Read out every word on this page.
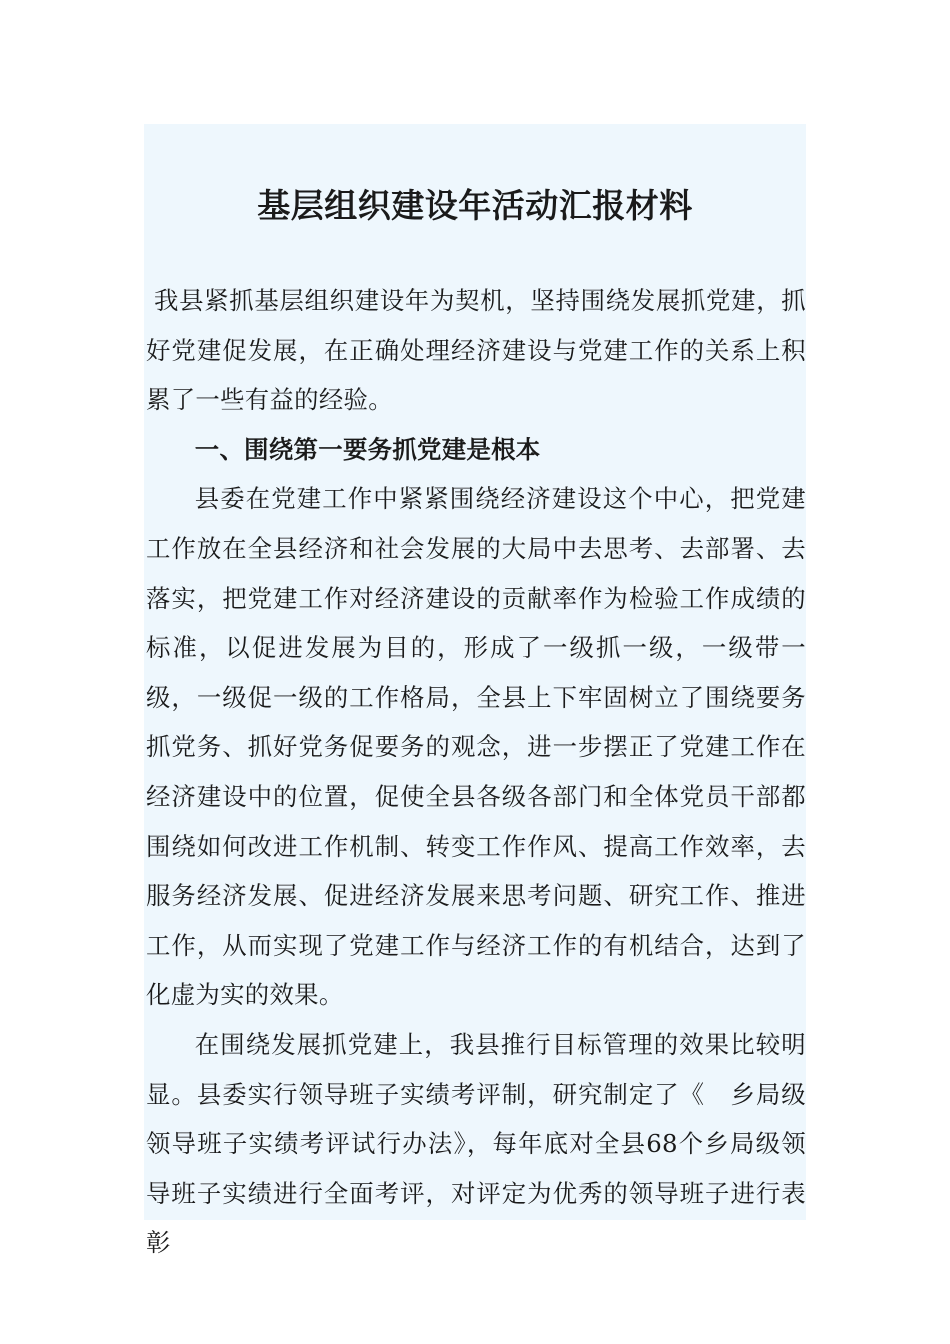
基层组织建设年活动汇报材料

我县紧抓基层组织建设年为契机，坚持围绕发展抓党建，抓好党建促发展，在正确处理经济建设与党建工作的关系上积累了一些有益的经验。

一、围绕第一要务抓党建是根本

县委在党建工作中紧紧围绕经济建设这个中心，把党建工作放在全县经济和社会发展的大局中去思考、去部署、去落实，把党建工作对经济建设的贡献率作为检验工作成绩的标准，以促进发展为目的，形成了一级抓一级，一级带一级，一级促一级的工作格局，全县上下牢固树立了围绕要务抓党务、抓好党务促要务的观念，进一步摆正了党建工作在经济建设中的位置，促使全县各级各部门和全体党员干部都围绕如何改进工作机制、转变工作作风、提高工作效率，去服务经济发展、促进经济发展来思考问题、研究工作、推进工作，从而实现了党建工作与经济工作的有机结合，达到了化虚为实的效果。

在围绕发展抓党建上，我县推行目标管理的效果比较明显。县委实行领导班子实绩考评制，研究制定了《　乡局级领导班子实绩考评试行办法》，每年底对全县68个乡局级领导班子实绩进行全面考评，对评定为优秀的领导班子进行表彰
